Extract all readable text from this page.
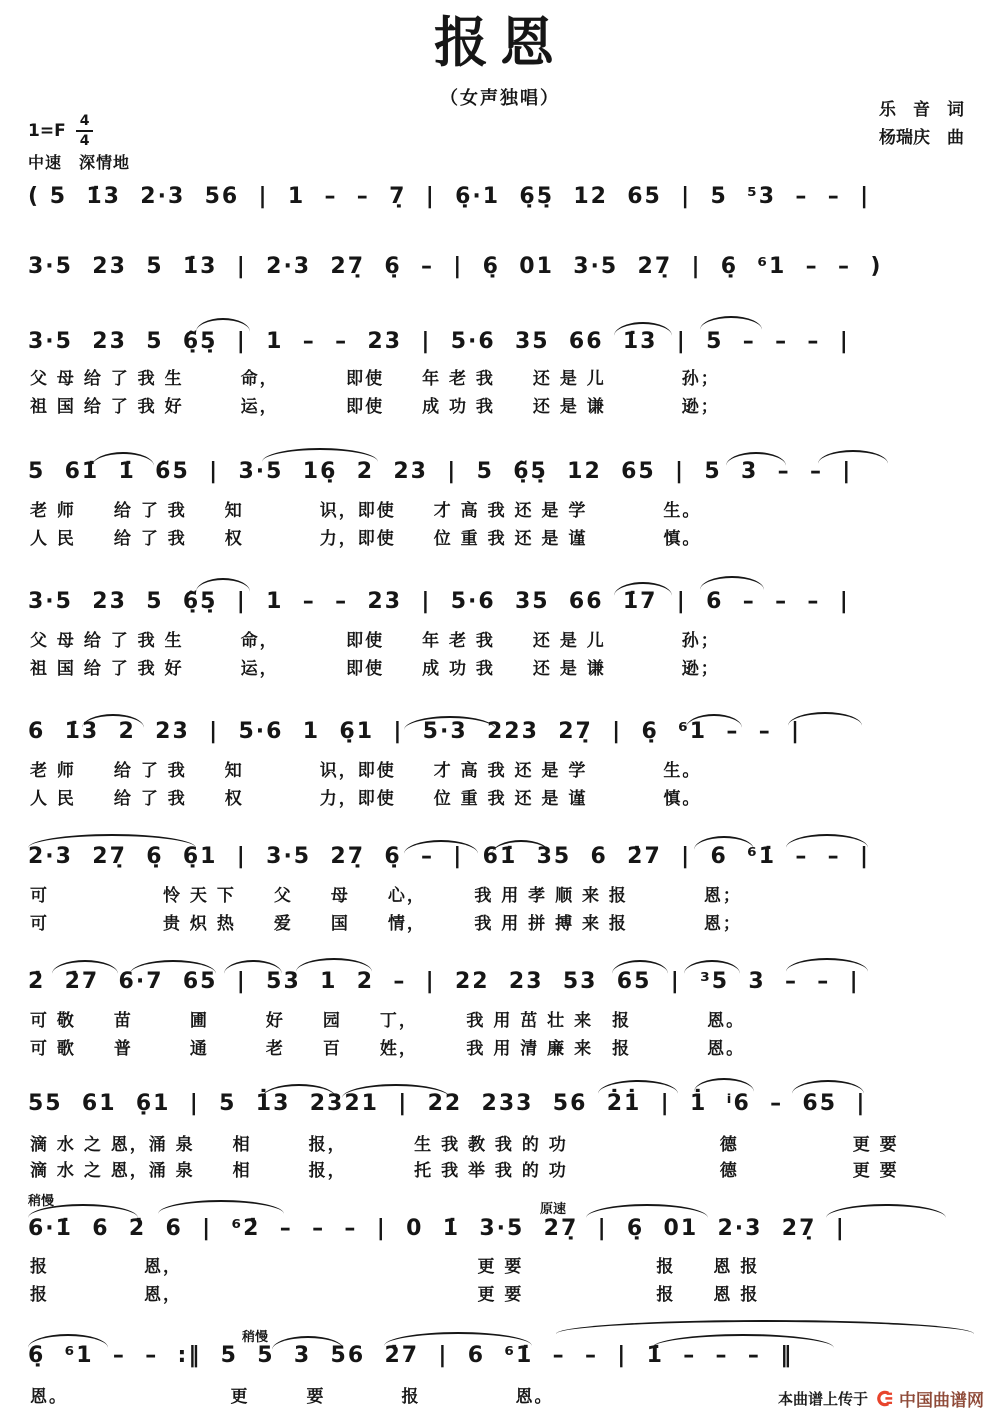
报恩
（女声独唱）
乐　音　词
杨瑞庆　曲
$1=F \frac{4}{4}$
中速　深情地
( 5  1̇3  2·3  56  |  1  –  –  7̣  |  6̣·1  6̣5̣  12  65  |  5  ⁵3  –  –  |
3·5  23  5  1̇3  |  2·3  27̣  6̣  –  |  6̣  01  3·5  27̣  |  6̣  ⁶1  –  –  )
3·5  23  5  6̣̃5̣  |  1  –  –  23  |  5·6  35  66  1̇3  |  5  –  –  –  |
父 母 给 了 我 生　　　命，　　　　即使　　年 老 我　　还 是 儿　　　　孙；
祖 国 给 了 我 好　　　运，　　　　即使　　成 功 我　　还 是 谦　　　　逊；
5  61̇  1̇  6̃5  |  3·5  16̣  2  23  |  5  6̣̃5̣  12  65  |  5  3  –  –  |
老 师　　给 了 我　　知　　　　识，即使　　才 高 我 还 是 学　　　　生。
人 民　　给 了 我　　权　　　　力，即使　　位 重 我 还 是 谨　　　　慎。
3·5  23  5  6̣̃5̣  |  1  –  –  23  |  5·6  35  66  1̇7  |  6  –  –  –  |
父 母 给 了 我 生　　　命，　　　　即使　　年 老 我　　还 是 儿　　　　孙；
祖 国 给 了 我 好　　　运，　　　　即使　　成 功 我　　还 是 谦　　　　逊；
6  1̇3  2  23  |  5·6  1  6̣1  |  5·3  223  27̣  |  6̣  ⁶1  –  –  |
老 师　　给 了 我　　知　　　　识，即使　　才 高 我 还 是 学　　　　生。
人 民　　给 了 我　　权　　　　力，即使　　位 重 我 还 是 谨　　　　慎。
2·3  27̣  6̣  6̣1  |  3·5  27̣  6̣  –  |  61̇  35  6  2̇7  |  6  ⁶1̇  –  –  |
可　　　　　　怜 天 下　　父　　母　　心，　　　我 用 孝 顺 来 报　　　　恩；
可　　　　　　贵 炽 热　　爱　　国　　情，　　　我 用 拼 搏 来 报　　　　恩；
2̇  2̇7  6·7  65  |  53  1  2  –  |  22  23  53  65  |  ³5  3  –  –  |
可 敬　　苗　　　圃　　　好　　园　　丁，　　　我 用 茁 壮 来　报　　　　恩。
可 歌　　普　　　通　　　老　　百　　姓，　　　我 用 清 廉 来　报　　　　恩。
55  61  6̣1  |  5  1̇3  2321  |  22  233  56  2̇1̇  |  1̇  ⁱ6  –  65  |
滴 水 之 恩，涌 泉　　相　　　报，　　　　生 我 教 我 的 功　　　　　　　　德　　　　　　更 要
滴 水 之 恩，涌 泉　　相　　　报，　　　　托 我 举 我 的 功　　　　　　　　德　　　　　　更 要
稍慢
原速
6·1̇  6  2̇  6  |  ⁶2̇  –  –  –  |  0  1̇  3·5  27̣  |  6̣  01  2·3  27̣  |
报　　　　　恩，　　　　　　　　　　　　　　　　更 要　　　　　　　报　　恩 报
报　　　　　恩，　　　　　　　　　　　　　　　　更 要　　　　　　　报　　恩 报
稍慢
6̣  ⁶1  –  –  :‖  5  5  3  56  2̇7  |  6  ⁶1̇  –  –  |  1̇  –  –  –  ‖
恩。　　　　　　　　　更　　　要　　　　报　　　　　恩。	本曲谱上传于 中国曲谱网
